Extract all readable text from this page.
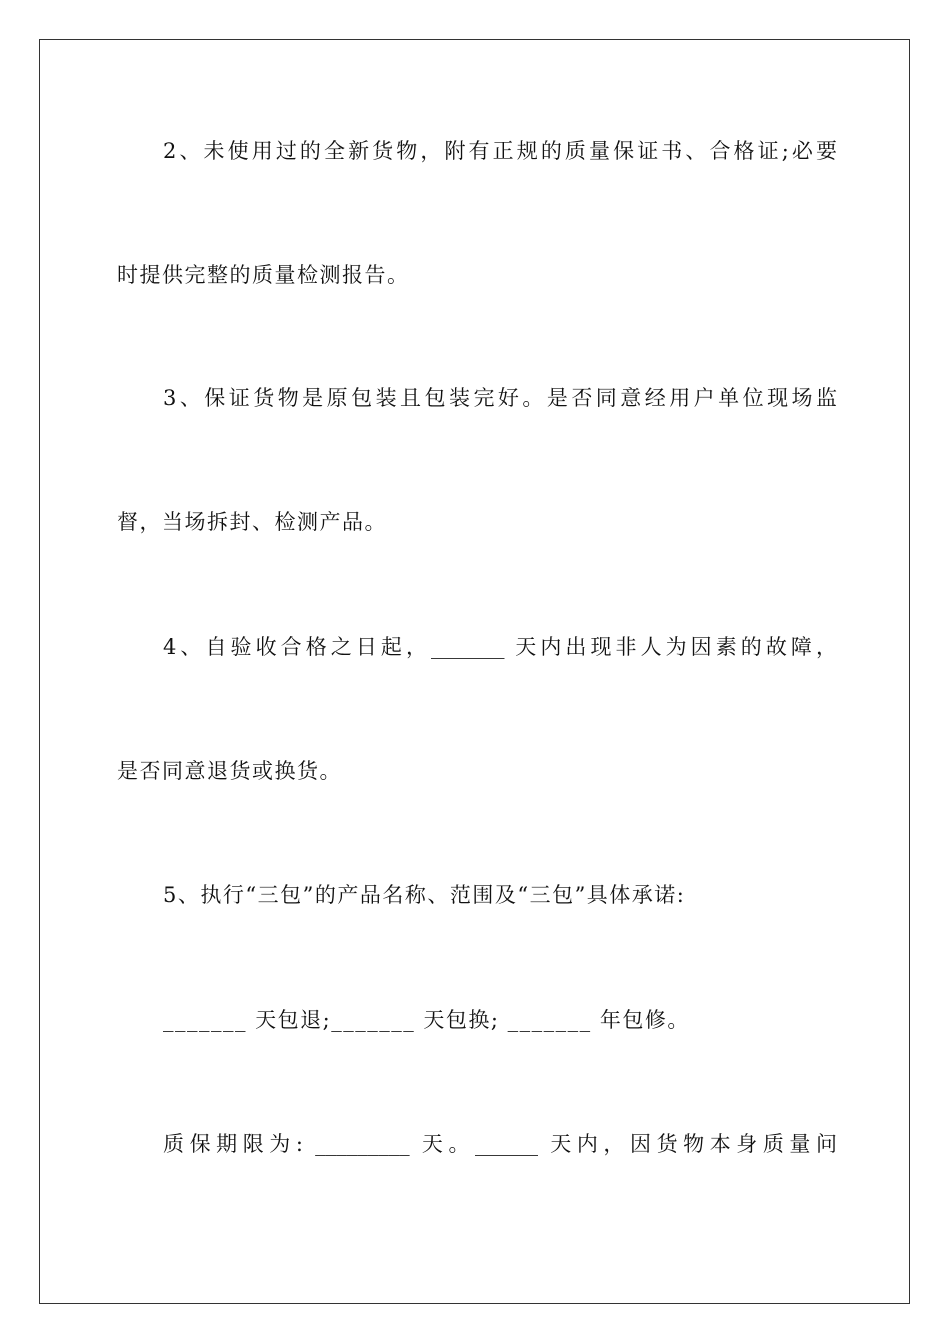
2、未使用过的全新货物，附有正规的质量保证书、合格证;必要
时提供完整的质量检测报告。
3、保证货物是原包装且包装完好。是否同意经用户单位现场监
督，当场拆封、检测产品。
4、自验收合格之日起，_______ 天内出现非人为因素的故障，
是否同意退货或换货。
5、执行“三包”的产品名称、范围及“三包”具体承诺:
_______ 天包退;_______ 天包换; _______ 年包修。
质保期限为: _________ 天。______ 天内，因货物本身质量问
